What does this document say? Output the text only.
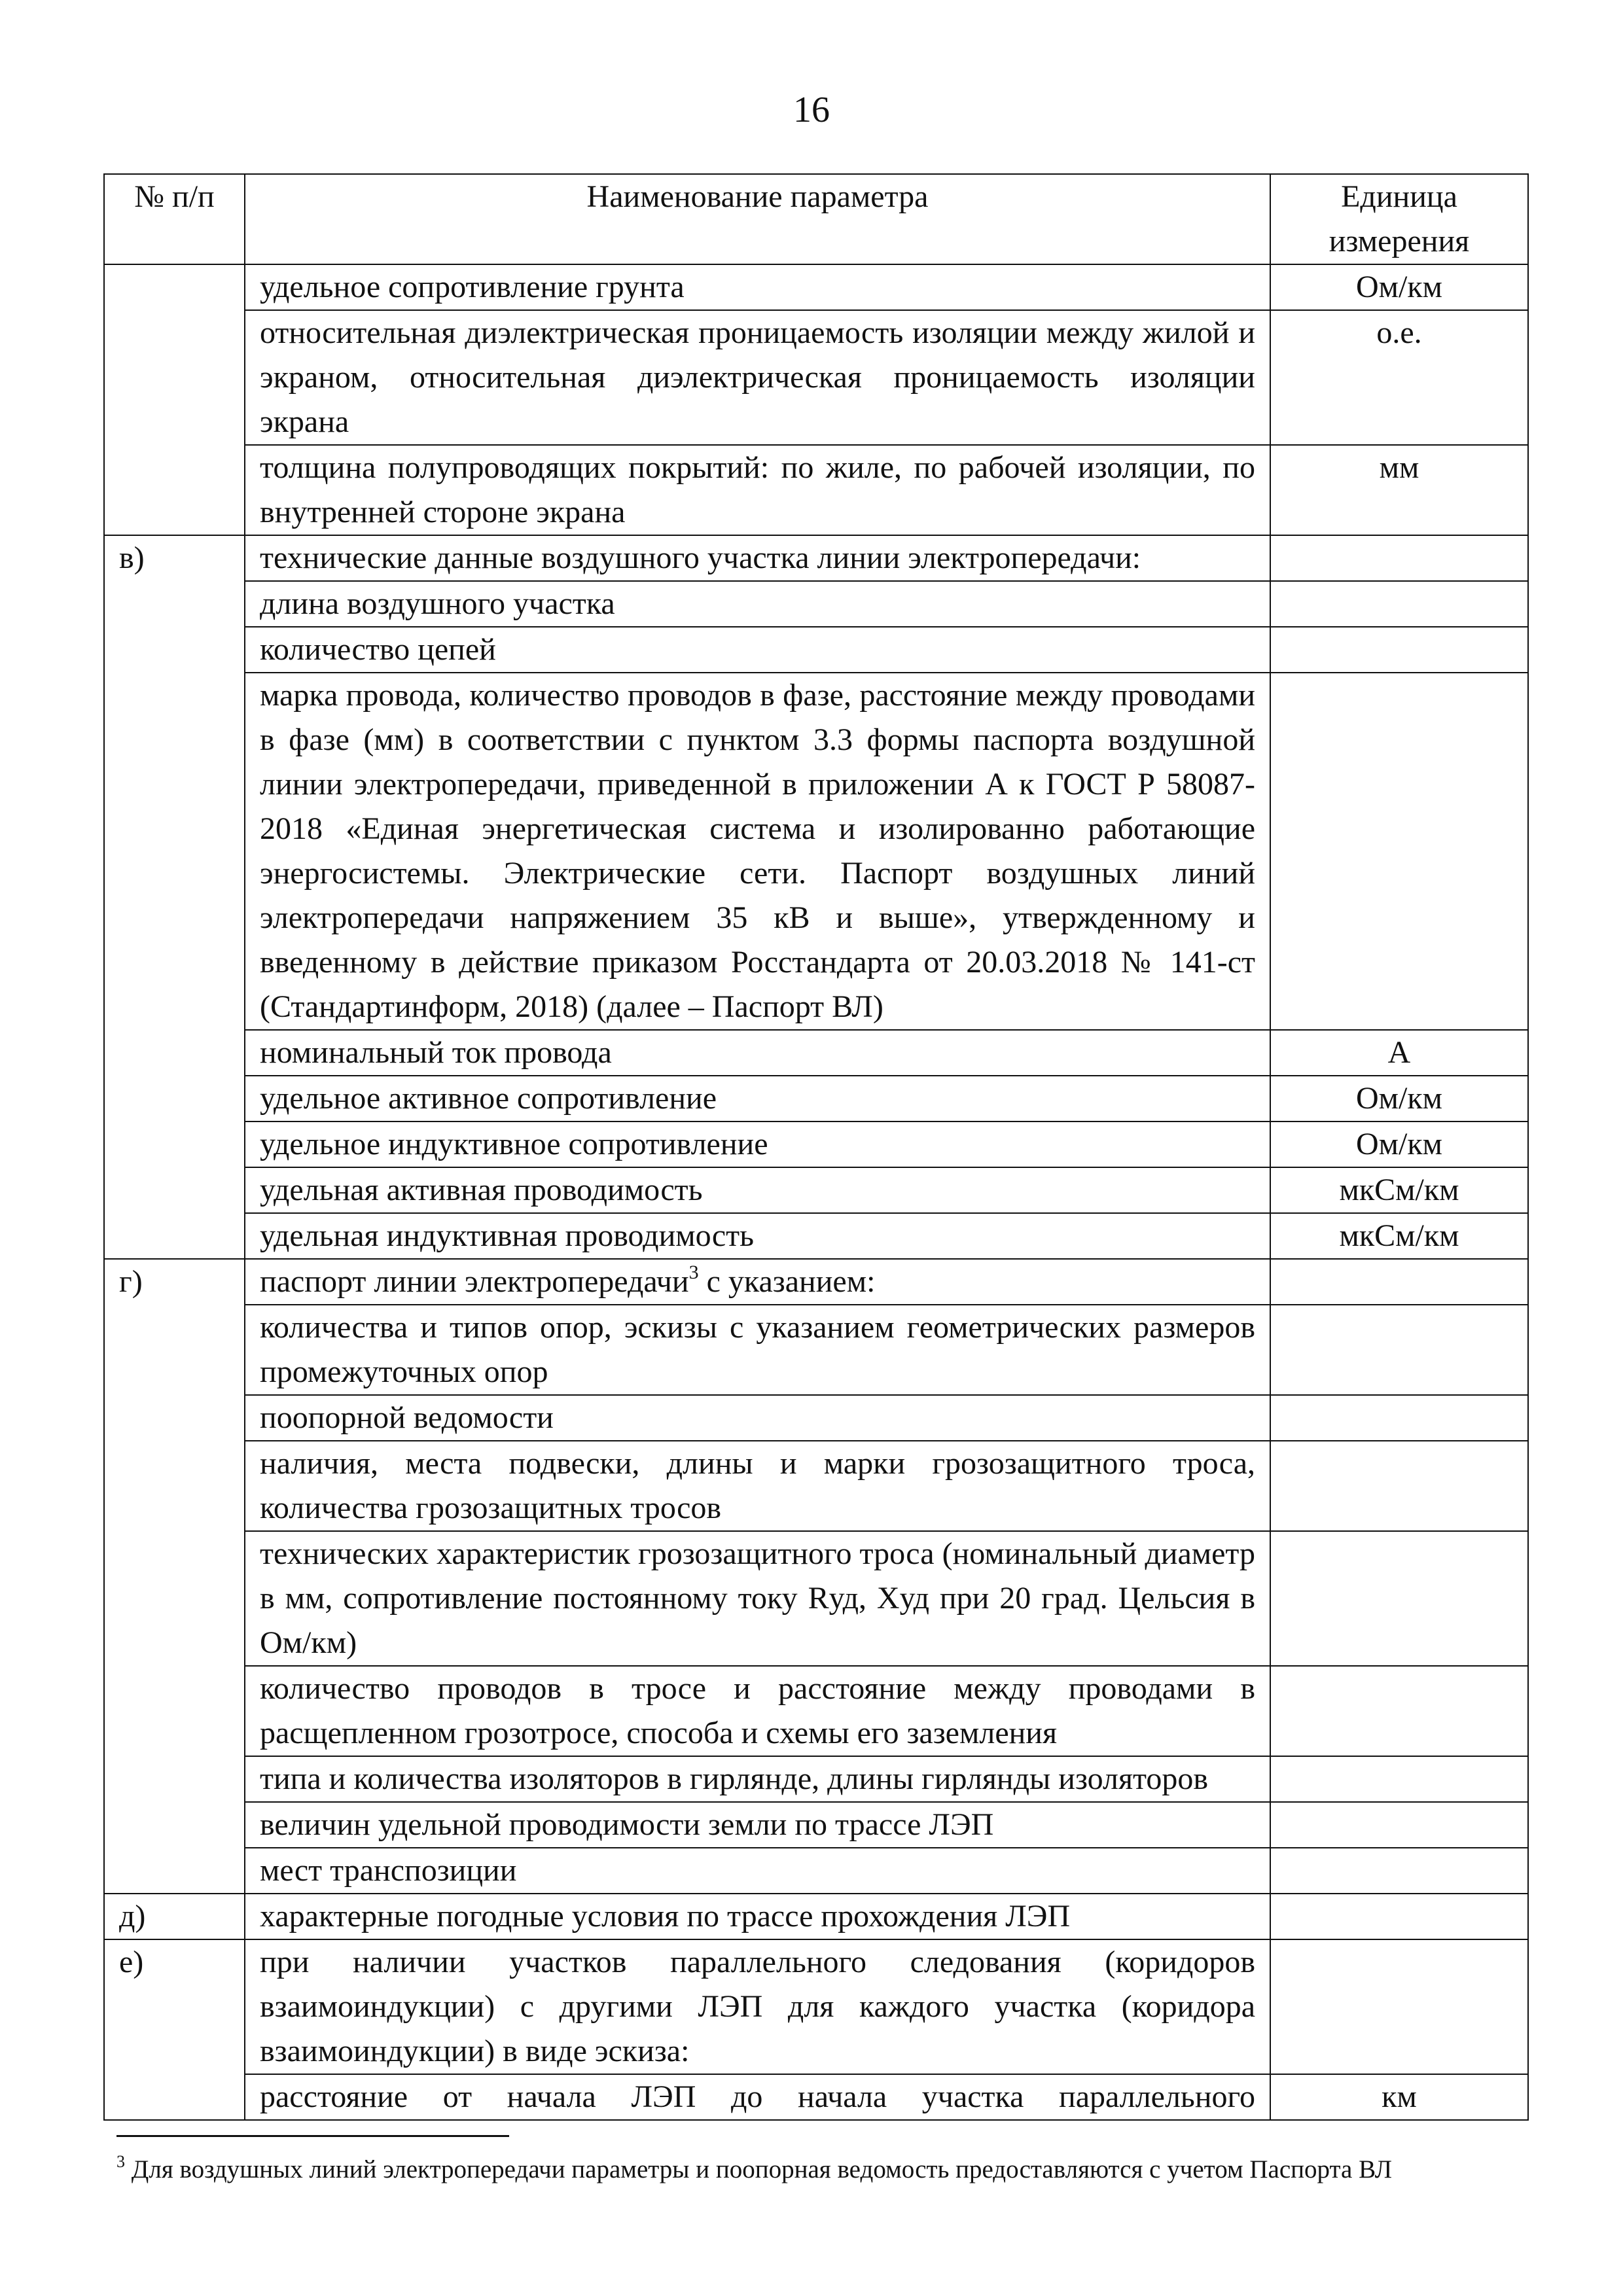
16
№ п/п	Наименование параметра	Единица измерения
	удельное сопротивление грунта	Ом/км
	относительная диэлектрическая проницаемость изоляции между жилой и экраном, относительная диэлектрическая проницаемость изоляции экрана	о.е.
	толщина полупроводящих покрытий: по жиле, по рабочей изоляции, по внутренней стороне экрана	мм
в)	технические данные воздушного участка линии электропередачи:	
	длина воздушного участка	
	количество цепей	
	марка провода, количество проводов в фазе, расстояние между проводами в фазе (мм) в соответствии с пунктом 3.3 формы паспорта воздушной линии электропередачи, приведенной в приложении А к ГОСТ Р 58087-2018 «Единая энергетическая система и изолированно работающие энергосистемы. Электрические сети. Паспорт воздушных линий электропередачи напряжением 35 кВ и выше», утвержденному и введенному в действие приказом Росстандарта от 20.03.2018 № 141-ст (Стандартинформ, 2018) (далее – Паспорт ВЛ)	
	номинальный ток провода	А
	удельное активное сопротивление	Ом/км
	удельное индуктивное сопротивление	Ом/км
	удельная активная проводимость	мкСм/км
	удельная индуктивная проводимость	мкСм/км
г)	паспорт линии электропередачи$^3$ с указанием:	
	количества и типов опор, эскизы с указанием геометрических размеров промежуточных опор	
	поопорной ведомости	
	наличия, места подвески, длины и марки грозозащитного троса, количества грозозащитных тросов	
	технических характеристик грозозащитного троса (номинальный диаметр в мм, сопротивление постоянному току Rуд, Xуд при 20 град. Цельсия в Ом/км)	
	количество проводов в тросе и расстояние между проводами в расщепленном грозотросе, способа и схемы его заземления	
	типа и количества изоляторов в гирлянде, длины гирлянды изоляторов	
	величин удельной проводимости земли по трассе ЛЭП	
	мест транспозиции	
д)	характерные погодные условия по трассе прохождения ЛЭП	
е)	при наличии участков параллельного следования (коридоров взаимоиндукции) с другими ЛЭП для каждого участка (коридора взаимоиндукции) в виде эскиза:	
	расстояние от начала ЛЭП до начала участка параллельного	км
$^3$ Для воздушных линий электропередачи параметры и поопорная ведомость предоставляются с учетом Паспорта ВЛ
